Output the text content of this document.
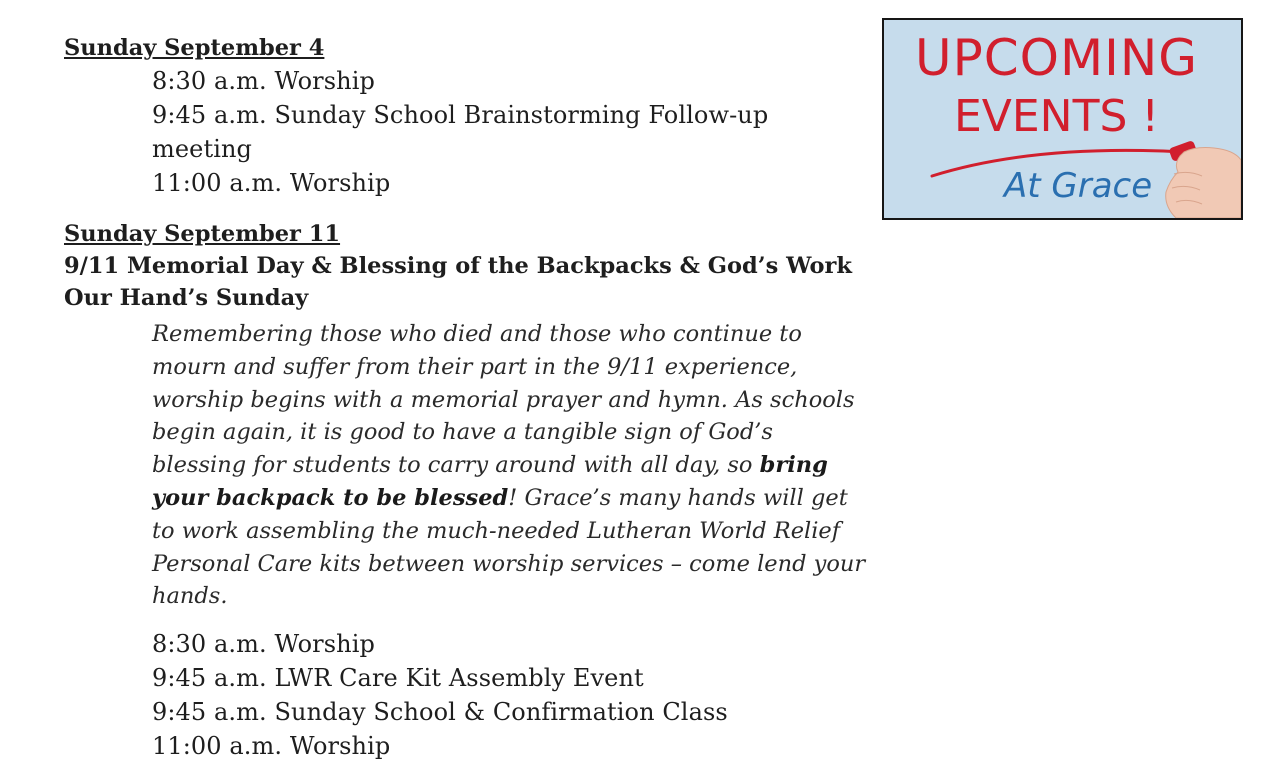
Sunday September 4

8:30 a.m. Worship
9:45 a.m. Sunday School Brainstorming Follow-up meeting
11:00 a.m. Worship

Sunday September 11

9/11 Memorial Day & Blessing of the Backpacks & God’s Work

Our Hand’s Sunday

Remembering those who died and those who continue to mourn and suffer from their part in the 9/11 experience, worship begins with a memorial prayer and hymn. As schools begin again, it is good to have a tangible sign of God’s blessing for students to carry around with all day, so bring your backpack to be blessed! Grace’s many hands will get to work assembling the much-needed Lutheran World Relief Personal Care kits between worship services – come lend your hands.

8:30 a.m. Worship
9:45 a.m. LWR Care Kit Assembly Event
9:45 a.m. Sunday School & Confirmation Class
11:00 a.m. Worship
UPCOMING
EVENTS !
At Grace
